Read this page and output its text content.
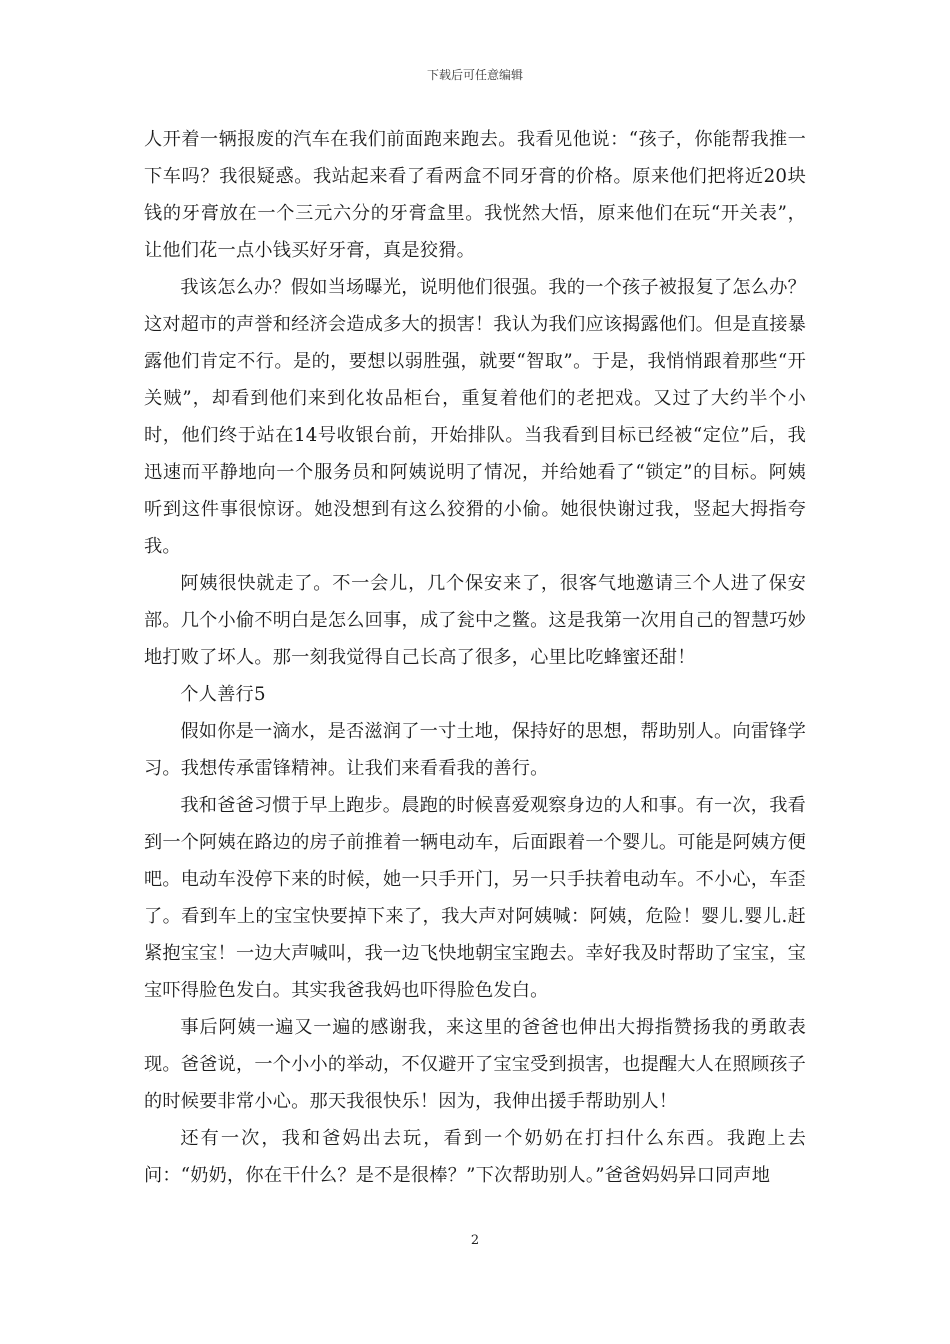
下载后可任意编辑

人开着一辆报废的汽车在我们前面跑来跑去。我看见他说：“孩子，你能帮我推一下车吗？我很疑惑。我站起来看了看两盒不同牙膏的价格。原来他们把将近20块钱的牙膏放在一个三元六分的牙膏盒里。我恍然大悟，原来他们在玩“开关表”，让他们花一点小钱买好牙膏，真是狡猾。

我该怎么办？假如当场曝光，说明他们很强。我的一个孩子被报复了怎么办？这对超市的声誉和经济会造成多大的损害！我认为我们应该揭露他们。但是直接暴露他们肯定不行。是的，要想以弱胜强，就要“智取”。于是，我悄悄跟着那些“开关贼”，却看到他们来到化妆品柜台，重复着他们的老把戏。又过了大约半个小时，他们终于站在14号收银台前，开始排队。当我看到目标已经被“定位”后，我迅速而平静地向一个服务员和阿姨说明了情况，并给她看了“锁定”的目标。阿姨听到这件事很惊讶。她没想到有这么狡猾的小偷。她很快谢过我，竖起大拇指夸我。

阿姨很快就走了。不一会儿，几个保安来了，很客气地邀请三个人进了保安部。几个小偷不明白是怎么回事，成了瓮中之鳖。这是我第一次用自己的智慧巧妙地打败了坏人。那一刻我觉得自己长高了很多，心里比吃蜂蜜还甜！

个人善行5

假如你是一滴水，是否滋润了一寸土地，保持好的思想，帮助别人。向雷锋学习。我想传承雷锋精神。让我们来看看我的善行。

我和爸爸习惯于早上跑步。晨跑的时候喜爱观察身边的人和事。有一次，我看到一个阿姨在路边的房子前推着一辆电动车，后面跟着一个婴儿。可能是阿姨方便吧。电动车没停下来的时候，她一只手开门，另一只手扶着电动车。不小心，车歪了。看到车上的宝宝快要掉下来了，我大声对阿姨喊：阿姨，危险！婴儿.婴儿.赶紧抱宝宝！一边大声喊叫，我一边飞快地朝宝宝跑去。幸好我及时帮助了宝宝，宝宝吓得脸色发白。其实我爸我妈也吓得脸色发白。

事后阿姨一遍又一遍的感谢我，来这里的爸爸也伸出大拇指赞扬我的勇敢表现。爸爸说，一个小小的举动，不仅避开了宝宝受到损害，也提醒大人在照顾孩子的时候要非常小心。那天我很快乐！因为，我伸出援手帮助别人！

还有一次，我和爸妈出去玩，看到一个奶奶在打扫什么东西。我跑上去问：“奶奶，你在干什么？是不是很棒？”下次帮助别人。”爸爸妈妈异口同声地

2
